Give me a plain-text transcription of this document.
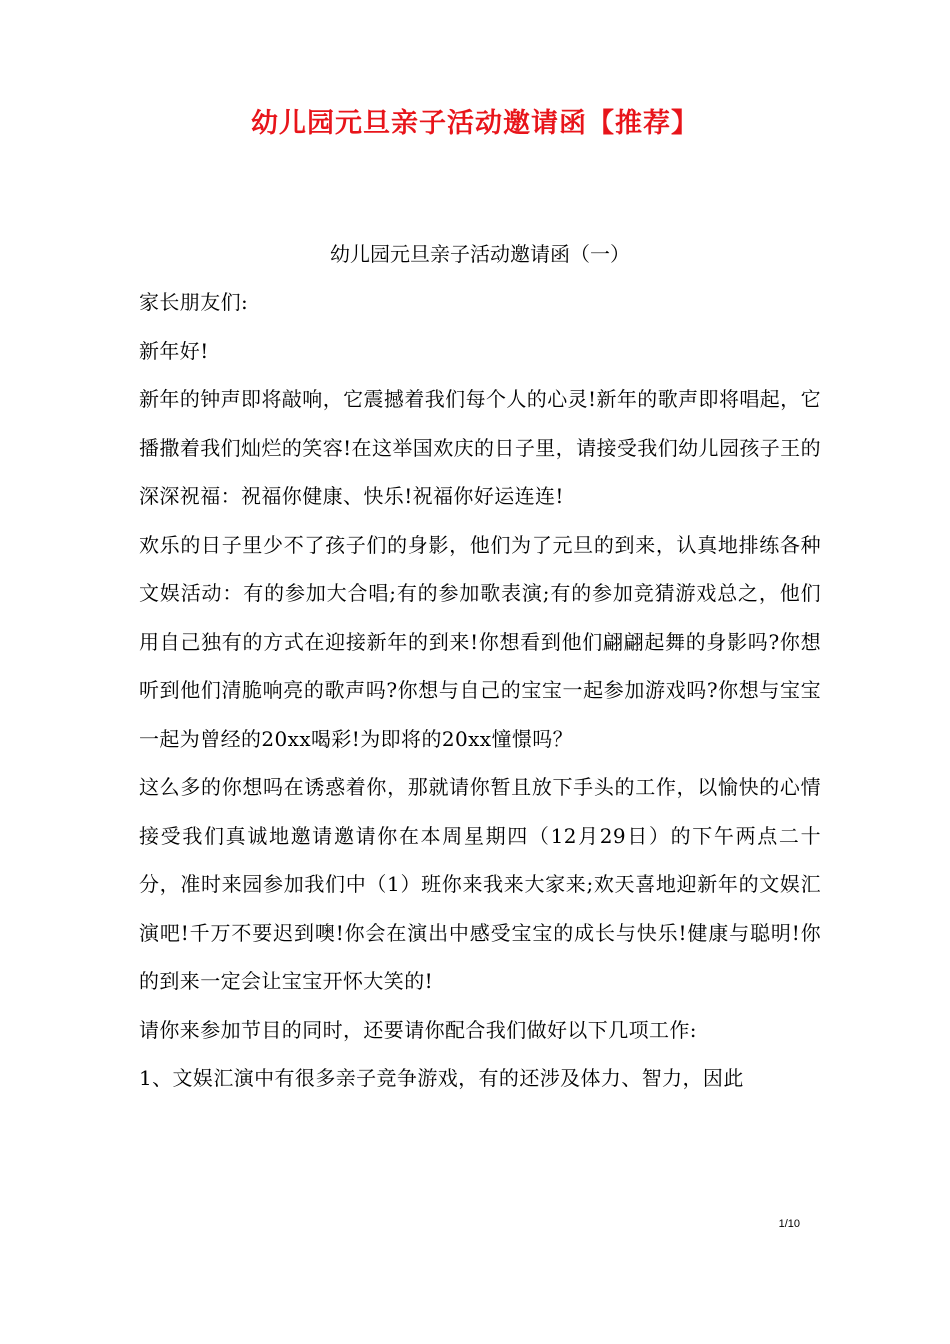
幼儿园元旦亲子活动邀请函【推荐】
幼儿园元旦亲子活动邀请函（一）

家长朋友们:

新年好!

新年的钟声即将敲响，它震撼着我们每个人的心灵!新年的歌声即将唱起，它播撒着我们灿烂的笑容!在这举国欢庆的日子里，请接受我们幼儿园孩子王的深深祝福：祝福你健康、快乐!祝福你好运连连!

欢乐的日子里少不了孩子们的身影，他们为了元旦的到来，认真地排练各种文娱活动：有的参加大合唱;有的参加歌表演;有的参加竞猜游戏总之，他们用自己独有的方式在迎接新年的到来!你想看到他们翩翩起舞的身影吗?你想听到他们清脆响亮的歌声吗?你想与自己的宝宝一起参加游戏吗?你想与宝宝一起为曾经的20xx喝彩!为即将的20xx憧憬吗？

这么多的你想吗在诱惑着你，那就请你暂且放下手头的工作，以愉快的心情接受我们真诚地邀请邀请你在本周星期四（12月29日）的下午两点二十分，准时来园参加我们中（1）班你来我来大家来;欢天喜地迎新年的文娱汇演吧!千万不要迟到噢!你会在演出中感受宝宝的成长与快乐!健康与聪明!你的到来一定会让宝宝开怀大笑的!

请你来参加节目的同时，还要请你配合我们做好以下几项工作:

1、文娱汇演中有很多亲子竞争游戏，有的还涉及体力、智力，因此

1/10
